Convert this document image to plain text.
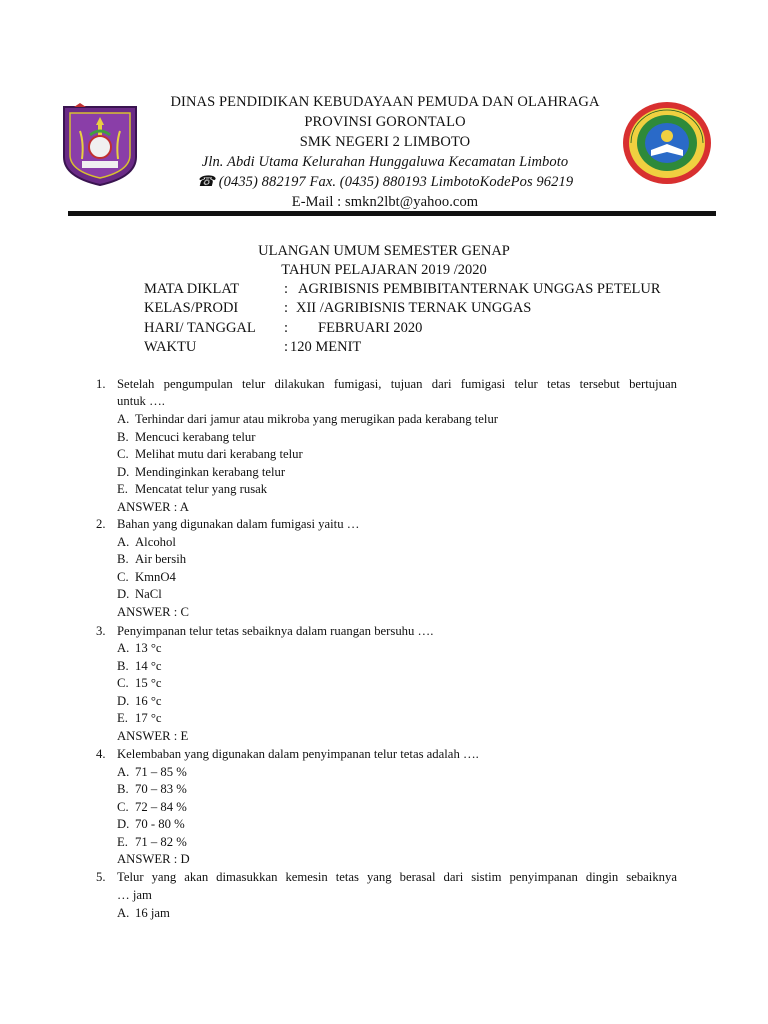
DINAS PENDIDIKAN KEBUDAYAAN PEMUDA DAN OLAHRAGA
PROVINSI GORONTALO
SMK NEGERI 2 LIMBOTO
Jln. Abdi Utama Kelurahan Hunggaluwa Kecamatan Limboto
☎ (0435) 882197 Fax. (0435) 880193 LimbotoKodePos 96219
E-Mail : smkn2lbt@yahoo.com
ULANGAN UMUM SEMESTER GENAP
TAHUN PELAJARAN 2019 /2020
MATA DIKLAT	: AGRIBISNIS PEMBIBITANTERNAK UNGGAS PETELUR
KELAS/PRODI	: XII /AGRIBISNIS TERNAK UNGGAS
HARI/ TANGGAL : FEBRUARI 2020
WAKTU	: 120 MENIT
1. Setelah pengumpulan telur dilakukan fumigasi, tujuan dari fumigasi telur tetas tersebut bertujuan
untuk ….
A. Terhindar dari jamur atau mikroba yang merugikan pada kerabang telur
B. Mencuci kerabang telur
C. Melihat mutu dari kerabang telur
D. Mendinginkan kerabang telur
E. Mencatat telur yang rusak
ANSWER : A
2. Bahan yang digunakan dalam fumigasi yaitu …
A. Alcohol
B. Air bersih
C. KmnO4
D. NaCl
ANSWER : C
3. Penyimpanan telur tetas sebaiknya dalam ruangan bersuhu ….
A. 13 °c
B. 14 °c
C. 15 °c
D. 16 °c
E. 17 °c
ANSWER : E
4. Kelembaban yang digunakan dalam penyimpanan telur tetas adalah ….
A. 71 – 85 %
B. 70 – 83 %
C. 72 – 84 %
D. 70 - 80 %
E. 71 – 82 %
ANSWER : D
5. Telur yang akan dimasukkan kemesin tetas yang berasal dari sistim penyimpanan dingin sebaiknya
… jam
A. 16 jam
